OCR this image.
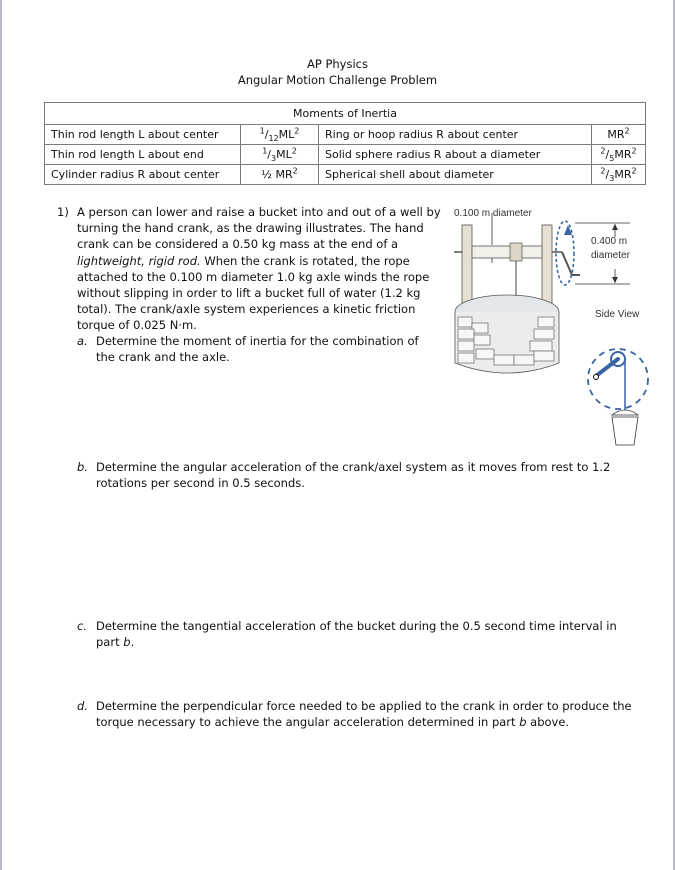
AP Physics
Angular Motion Challenge Problem
Moments of Inertia			
Thin rod length L about center	$^1/_{12}ML^2$	Ring or hoop radius R about center	$MR^2$
Thin rod length L about end	$^1/_3ML^2$	Solid sphere radius R about a diameter	$^2/_5MR^2$
Cylinder radius R about center	½ $MR^2$	Spherical shell about diameter	$^2/_3MR^2$
1) A person can lower and raise a bucket into and out of a well by turning the hand crank, as the drawing illustrates. The hand crank can be considered a 0.50 kg mass at the end of a lightweight, rigid rod. When the crank is rotated, the rope attached to the 0.100 m diameter 1.0 kg axle winds the rope without slipping in order to lift a bucket full of water (1.2 kg total). The crank/axle system experiences a kinetic friction torque of 0.025 N·m.
a. Determine the moment of inertia for the combination of the crank and the axle.
b. Determine the angular acceleration of the crank/axel system as it moves from rest to 1.2 rotations per second in 0.5 seconds.
c. Determine the tangential acceleration of the bucket during the 0.5 second time interval in part b.
d. Determine the perpendicular force needed to be applied to the crank in order to produce the torque necessary to achieve the angular acceleration determined in part b above.
0.100 m diameter
0.400 m
diameter
Side View
